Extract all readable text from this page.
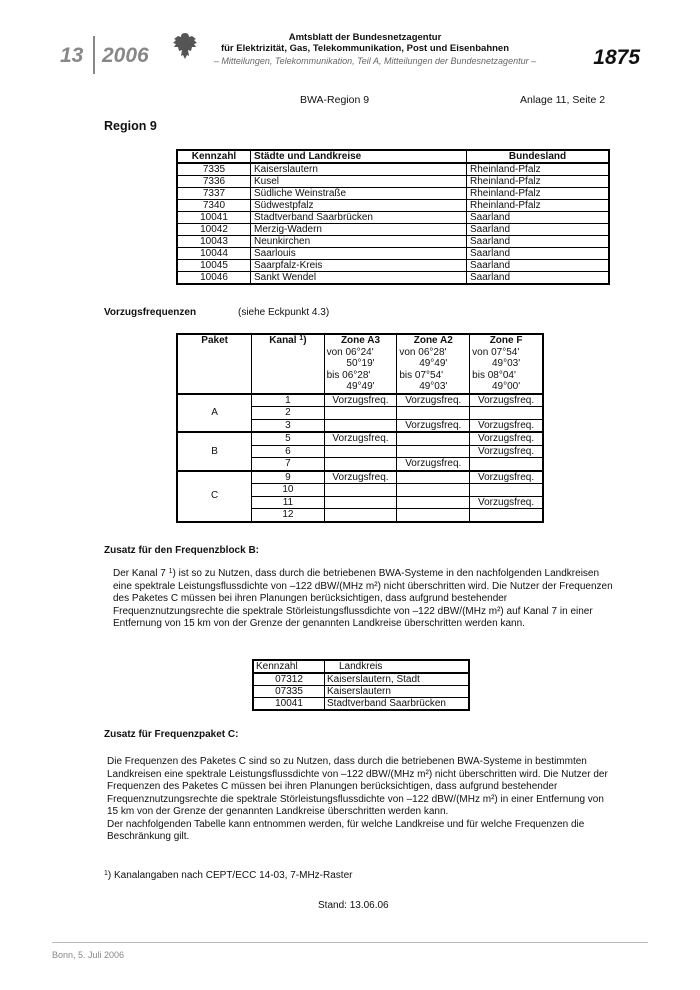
13 2006
Amtsblatt der Bundesnetzagentur
für Elektrizität, Gas, Telekommunikation, Post und Eisenbahnen
– Mitteilungen, Telekommunikation, Teil A, Mitteilungen der Bundesnetzagentur –	1875
BWA-Region 9	Anlage 11, Seite 2
Region 9
Kennzahl	Städte und Landkreise	Bundesland
7335	Kaiserslautern	Rheinland-Pfalz
7336	Kusel	Rheinland-Pfalz
7337	Südliche Weinstraße	Rheinland-Pfalz
7340	Südwestpfalz	Rheinland-Pfalz
10041	Stadtverband Saarbrücken	Saarland
10042	Merzig-Wadern	Saarland
10043	Neunkirchen	Saarland
10044	Saarlouis	Saarland
10045	Saarpfalz-Kreis	Saarland
10046	Sankt Wendel	Saarland
Vorzugsfrequenzen	(siehe Eckpunkt 4.3)
Paket	Kanal $^1$)	Zone A3
von 06°24'
50°19'
bis 06°28'
49°49'	Zone A2
von 06°28'
49°49'
bis 07°54'
49°03'	Zone F
von 07°54'
49°03'
bis 08°04'
49°00'

A	1	Vorzugsfreq.	Vorzugsfreq.	Vorzugsfreq.
	2			
	3		Vorzugsfreq.	Vorzugsfreq.
B	5	Vorzugsfreq.		Vorzugsfreq.
	6			Vorzugsfreq.
	7		Vorzugsfreq.	
C	9	Vorzugsfreq.		Vorzugsfreq.
	10			
	11			Vorzugsfreq.
	12			
Zusatz für den Frequenzblock B:
Der Kanal 7 $^1$) ist so zu Nutzen, dass durch die betriebenen BWA-Systeme in den nachfolgenden Landkreisen eine spektrale Leistungsflussdichte von –122 dBW/(MHz m²) nicht überschritten wird. Die Nutzer der Frequenzen des Paketes C müssen bei ihren Planungen berücksichtigen, dass aufgrund bestehender Frequenznutzungsrechte die spektrale Störleistungsflussdichte von –122 dBW/(MHz m²) auf Kanal 7 in einer Entfernung von 15 km von der Grenze der genannten Landkreise überschritten werden kann.
Kennzahl	Landkreis
07312	Kaiserslautern, Stadt
07335	Kaiserslautern
10041	Stadtverband Saarbrücken
Zusatz für Frequenzpaket C:
Die Frequenzen des Paketes C sind so zu Nutzen, dass durch die betriebenen BWA-Systeme in bestimmten Landkreisen eine spektrale Leistungsflussdichte von –122 dBW/(MHz m²) nicht überschritten wird. Die Nutzer der Frequenzen des Paketes C müssen bei ihren Planungen berücksichtigen, dass aufgrund bestehender Frequenznutzungsrechte die spektrale Störleistungsflussdichte von –122 dBW/(MHz m²) in einer Entfernung von 15 km von der Grenze der genannten Landkreise überschritten werden kann.
Der nachfolgenden Tabelle kann entnommen werden, für welche Landkreise und für welche Frequenzen die Beschränkung gilt.
$^1$) Kanalangaben nach CEPT/ECC 14-03, 7-MHz-Raster
Stand: 13.06.06
Bonn, 5. Juli 2006
